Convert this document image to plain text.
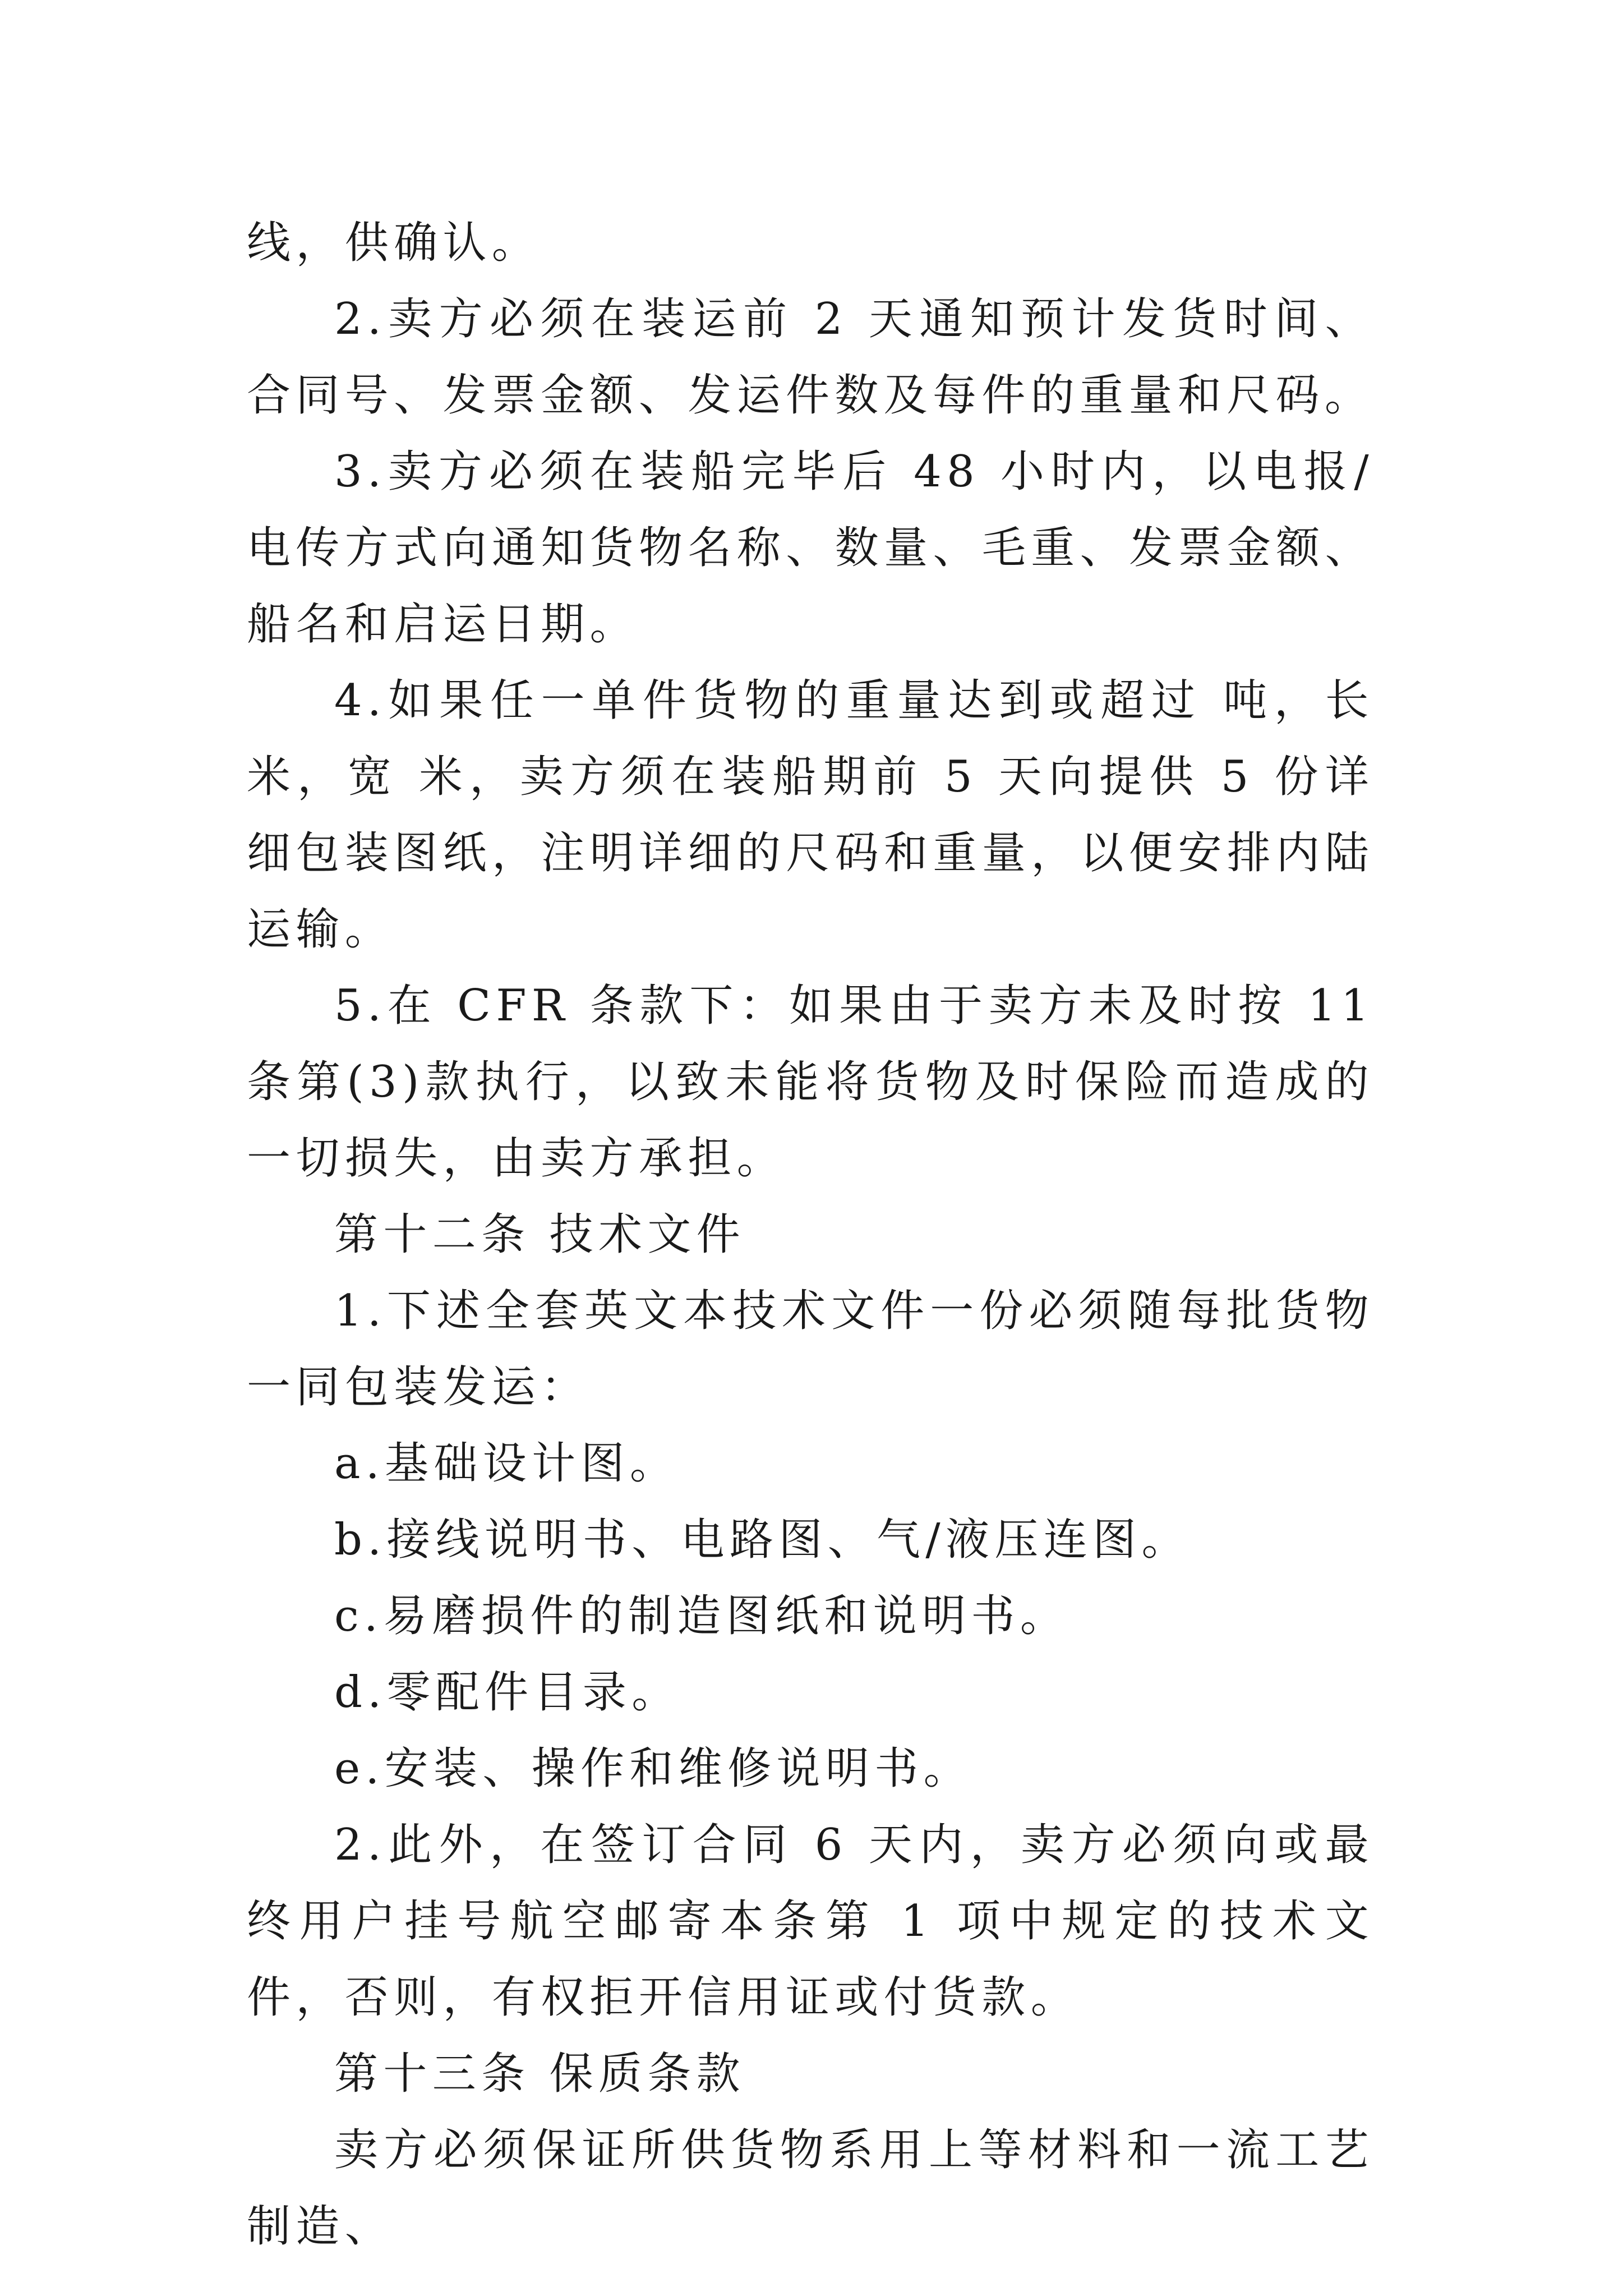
线，供确认。

2.卖方必须在装运前 2 天通知预计发货时间、合同号、发票金额、发运件数及每件的重量和尺码。

3.卖方必须在装船完毕后 48 小时内，以电报/电传方式向通知货物名称、数量、毛重、发票金额、船名和启运日期。

4.如果任一单件货物的重量达到或超过 吨，长 米，宽 米，卖方须在装船期前 5 天向提供 5 份详细包装图纸，注明详细的尺码和重量，以便安排内陆运输。

5.在 CFR 条款下：如果由于卖方未及时按 11 条第(3)款执行，以致未能将货物及时保险而造成的一切损失，由卖方承担。

第十二条 技术文件

1.下述全套英文本技术文件一份必须随每批货物一同包装发运：

a.基础设计图。

b.接线说明书、电路图、气/液压连图。

c.易磨损件的制造图纸和说明书。

d.零配件目录。

e.安装、操作和维修说明书。

2.此外，在签订合同 6 天内，卖方必须向或最终用户挂号航空邮寄本条第 1 项中规定的技术文件，否则，有权拒开信用证或付货款。

第十三条 保质条款

卖方必须保证所供货物系用上等材料和一流工艺制造、
